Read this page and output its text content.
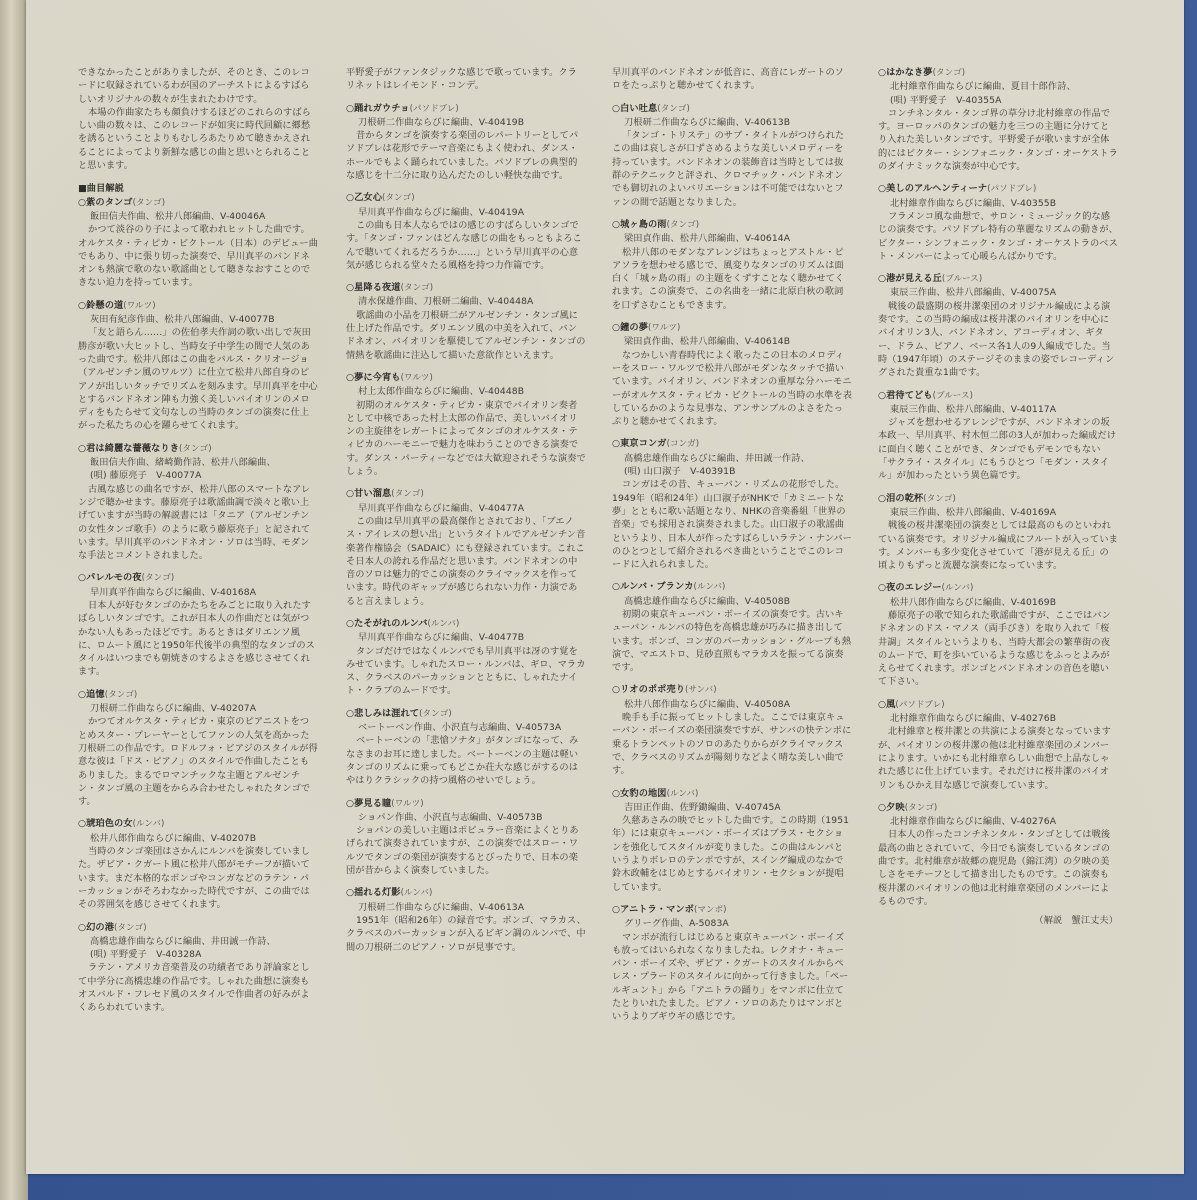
できなかったことがありましたが、そのとき、このレコードに収録されているわが国のアーチストによるすばらしいオリジナルの数々が生まれたわけです。

本場の作曲家たちも顔負けするほどのこれらのすばらしい曲の数々は、このレコードが如実に時代回顧に郷愁を誘るということよりもむしろあたりめて聴きかえされることによってより新鮮な感じの曲と思いとられることと思います。

■曲目解説
○紫のタンゴ(タンゴ)
飯田信夫作曲、松井八郎編曲、V-40046A
かつて淡谷のり子によって歌われヒットした曲です。オルケスタ・ティピカ・ビクトール（日本）のデビュー曲でもあり、中に張り切った演奏で、早川真平のバンドネオンも熱演で歌のない歌謡曲として聴きなおすことのできない迫力を持っています。
○鈴懸の道(ワルツ)
灰田有紀彦作曲、松井八郎編曲、V-40077B
「友と語らん……」の佐伯孝夫作詞の歌い出しで灰田勝彦が歌い大ヒットし、当時女子中学生の間で人気のあった曲です。松井八郎はこの曲をバルス・クリオージョ（アルゼンチン風のワルツ）に仕立て松井八郎自身のピアノが出しいタッチでリズムを刻みます。早川真平を中心とするバンドネオン陣も力強く美しいバイオリンのメロディをもたらせて文句なしの当時のタンゴの演奏に仕上がった私たちの心を躍らせてくれます。
○君は綺麗な薔薇なりき(タンゴ)
飯田信夫作曲、緒崎勤作詩、松井八郎編曲、
(唄) 藤原亮子　V-40077A
古風な感じの曲名ですが、松井八郎のスマートなアレンジで聴かせます。藤原亮子は歌謡曲調で淡々と歌い上げていますが当時の解説書には「タニア（アルゼンチンの女性タンゴ歌手）のように歌う藤原亮子」と記されています。早川真平のバンドネオン・ソロは当時、モダンな手法とコメントされました。
○パレルモの夜(タンゴ)
早川真平作曲ならびに編曲、V-40168A
日本人が好むタンゴのかたちをみごとに取り入れたすばらしいタンゴです。これが日本人の作曲だとは気がつかない人もあったほどです。あるときはダリエンソ風に、ロムート風にと1950年代後半の典型的なタンゴのスタイルはいつまでも朝焼きのするよさを感じさせてくれます。
○追憶(タンゴ)
刀根研二作曲ならびに編曲、V-40207A
かつてオルケスタ・ティピカ・東京のピアニストをつとめスター・プレーヤーとしてファンの人気を高かった刀根研二の作品です。ロドルフォ・ビアジのスタイルが得意な彼は「ドス・ピアノ」のスタイルで作曲したこともありました。まるでロマンチックな主題とアルゼンチン・タンゴ風の主題をからみ合わせたしゃれたタンゴです。
○琥珀色の女(ルンバ)
松井八郎作曲ならびに編曲、V-40207B
当時のタンゴ楽団はさかんにルンバを演奏していました。ザビア・クガート風に松井八郎がモチーフが描いています。まだ本格的なボンゴやコンガなどのラテン・パーカッションがそろわなかった時代ですが、この曲ではその雰囲気を感じさせてくれます。
○幻の港(タンゴ)
高橋忠雄作曲ならびに編曲、井田誠一作詩、
(唄) 平野愛子　V-40328A
ラテン・アメリカ音楽普及の功績者であり評論家として中学分に高橋忠雄の作品です。しゃれた曲想に演奏もオスバルド・フレセド風のスタイルで作曲者の好みがよくあらわれています。
平野愛子がファンタジックな感じで歌っています。クラリネットはレイモンド・コンデ。
○踊れガウチョ(パソドブレ)
刀根研二作曲ならびに編曲、V-40419B
昔からタンゴを演奏する楽団のレパートリーとしてパソドブレは花形でテーマ音楽にもよく使われ、ダンス・ホールでもよく踊られていました。パソドブレの典型的な感じを十二分に取り込んだたのしい軽快な曲です。
○乙女心(タンゴ)
早川真平作曲ならびに編曲、V-40419A
この曲も日本人ならではの感じのすばらしいタンゴです。「タンゴ・ファンはどんな感じの曲をもっともよろこんで聴いてくれるだろうか……」という早川真平の心意気が感じられる堂々たる風格を持つ力作篇です。
○星降る夜道(タンゴ)
清水保雄作曲、刀根研二編曲、V-40448A
歌謡曲の小品を刀根研二がアルゼンチン・タンゴ風に仕上げた作品です。ダリエンソ風の中美を入れて、バンドネオン、バイオリンを駆使してアルゼンチン・タンゴの情熱を歌謡曲に注込して描いた意欲作といえます。
○夢に今宵も(ワルツ)
村上太郎作曲ならびに編曲、V-40448B
初期のオルケスタ・ティピカ・東京でバイオリン奏者として中核であった村上太郎の作品で、美しいバイオリンの主旋律をレガートによってタンゴのオルケスタ・ティピカのハーモニーで魅力を味わうことのできる演奏です。ダンス・パーティーなどでは大歓迎されそうな演奏でしょう。
○甘い溜息(タンゴ)
早川真平作曲ならびに編曲、V-40477A
この曲は早川真平の最高傑作とされており、「ブエノス・アイレスの想い出」というタイトルでアルゼンチン音楽著作権協会（SADAIC）にも登録されています。これこそ日本人の誇れる作品だと思います。バンドネオンの中音のソロは魅力的でこの演奏のクライマックスを作っています。時代のギャップが感じられない力作・力演であると言えましょう。
○たそがれのルンバ(ルンバ)
早川真平作曲ならびに編曲、V-40477B
タンゴだけではなくルンバでも早川真平は冴のす覚をみせています。しゃれたスロー・ルンバは、ギロ、マラカス、クラベスのパーカッションとともに、しゃれたナイト・クラブのムードです。
○悲しみは涯れて(タンゴ)
ベートーベン作曲、小沢直与志編曲、V-40573A
ベートーベンの「悲愴ソナタ」がタンゴになって、みなさまのお耳に達しました。ベートーベンの主題は軽いタンゴのリズムに乗ってもどこか荘大な感じがするのはやはりクラシックの持つ風格のせいでしょう。
○夢見る瞳(ワルツ)
ショパン作曲、小沢直与志編曲、V-40573B
ショパンの美しい主題はポピュラー音楽によくとりあげられて演奏されていますが、この演奏ではスロー・ワルツでタンゴの楽団が演奏するとびったりで、日本の楽団が昔からよく演奏していました。
○揺れる灯影(ルンバ)
刀根研二作曲ならびに編曲、V-40613A
1951年（昭和26年）の録音です。ボンゴ、マラカス、クラベスのパーカッションが入るビギン調のルンバで、中間の刀根研二のピアノ・ソロが見事です。
早川真平のバンドネオンが低音に、高音にレガートのソロをたっぷりと聴かせてくれます。
○白い吐息(タンゴ)
刀根研二作曲ならびに編曲、V-40613B
「タンゴ・トリステ」のサブ・タイトルがつけられたこの曲は哀しさが口ずさめるような美しいメロディーを持っています。バンドネオンの装飾音は当時としては抜群のテクニックと評され、クロマチック・バンドネオンでも御切れのよいバリエーションは不可能ではないとファンの間で話題となりました。
○城ヶ島の雨(タンゴ)
梁田貞作曲、松井八郎編曲、V-40614A
松井八郎のモダンなアレンジはちょっとアストル・ピアソラを想わせる感じで、風変りなタンゴのリズムは面白く「城ヶ島の雨」の主題をくずすことなく聴かせてくれます。この演奏で、この名曲を一緒に北原白秋の歌詞を口ずさむこともできます。
○鐘の夢(ワルツ)
梁田貞作曲、松井八郎編曲、V-40614B
なつかしい青春時代によく歌ったこの日本のメロディーをスロー・ワルツで松井八郎がモダンなタッチで描いています。バイオリン、バンドネオンの重厚な分ハーモニーがオルケスタ・ティピカ・ビクトールの当時の水準を表しているかのような見事な、アンサンブルのよさをたっぷりと聴かせてくれます。
○東京コンガ(コンガ)
高橋忠雄作曲ならびに編曲、井田誠一作詩、
(唄) 山口淑子　V-40391B
コンガはその昔、キューバン・リズムの花形でした。1949年（昭和24年）山口淑子がNHKで「カミニートな夢」とともに歌い話題となり、NHKの音楽番組「世界の音楽」でも採用され演奏されました。山口淑子の歌謡曲というより、日本人が作ったすばらしいラテン・ナンバーのひとつとして紹介されるべき曲ということでこのレコードに入れられました。
○ルンバ・ブランカ(ルンバ)
高橋忠雄作曲ならびに編曲、V-40508B
初期の東京キューバン・ボーイズの演奏です。古いキューバン・ルンバの特色を高橋忠雄が巧みに描き出しています。ボンゴ、コンガのパーカッション・グループも熱演で、マエストロ、見砂直照もマラカスを振ってる演奏です。
○リオのポポ売り(サンバ)
松井八郎作曲ならびに編曲、V-40508A
晩手も手に振ってヒットしました。ここでは東京キューバン・ボーイズの楽団演奏ですが、サンバの快テンポに乗るトランペットのソロのあたりからがクライマックスで、クラベスのリズムが陽刻りなどよく晴な美しい曲です。
○女豹の地図(ルンバ)
吉田正作曲、佐野鋤編曲、V-40745A
久慈あさみの映でヒットした曲です。この時期（1951年）には東京キューバン・ボーイズはブラス・セクションを強化してスタイルが変りました。この曲はルンバというよりボレロのテンポですが、スイング編成のなかで鈴木政輔をはじめとするバイオリン・セクションが提唱しています。
○アニトラ・マンボ(マンボ)
グリーグ作曲、A-5083A
マンボが流行しはじめると東京キューバン・ボーイズも放ってはいられなくなりましたね。レクオナ・キューバン・ボーイズや、ザビア・クガートのスタイルからペレス・プラードのスタイルに向かって行きました。「ペールギュント」から「アニトラの踊り」をマンボに仕立てたとりいれたました。ピアノ・ソロのあたりはマンボというよりブギウギの感じです。
○はかなき夢(タンゴ)
北村維章作曲ならびに編曲、夏目十郎作詩、
(唄) 平野愛子　V-40355A
コンチネンタル・タンゴ界の草分け北村維章の作品です。ヨーロッパのタンゴの魅力を三つの主題に分けてとり入れた美しいタンゴです。平野愛子が歌いますが全体的にはビクター・シンフォニック・タンゴ・オーケストラのダイナミックな演奏が中心です。
○美しのアルヘンティーナ(パソドブレ)
北村維章作曲ならびに編曲、V-40355B
フラメンコ風な曲想で、サロン・ミュージック的な感じの演奏です。パソドブレ特有の華麗なリズムの動きが、ビクター・シンフォニック・タンゴ・オーケストラのベスト・メンバーによって心暖らんばかりです。
○港が見える丘(ブルース)
東辰三作曲、松井八郎編曲、V-40075A
戦後の最盛期の桜井潔楽団のオリジナル編成による演奏です。この当時の編成は桜井潔のバイオリンを中心にバイオリン3人、バンドネオン、アコーディオン、ギター、ドラム、ピアノ、ベース各1人の9人編成でした。当時（1947年頃）のステージそのままの姿でレコーディングされた貴重な1曲です。
○君待てども(ブルース)
東辰三作曲、松井八郎編曲、V-40117A
ジャズを想わせるアレンジですが、バンドネオンの坂本政一、早川真平、村木恒二郎の3人が加わった編成だけに面白く聴くことができ、タンゴでもデモンでもない「サクライ・スタイル」にもうひとつ「モダン・スタイル」が加わったという異色篇です。
○泪の乾杯(タンゴ)
東辰三作曲、松井八郎編曲、V-40169A
戦後の桜井潔楽団の演奏としては最高のものといわれている演奏です。オリジナル編成にフルートが入っています。メンバーも多少変化させていて「港が見える丘」の頃よりもずっと流麗な演奏になっています。
○夜のエレジー(ルンバ)
松井八郎作曲ならびに編曲、V-40169B
藤原亮子の歌で知られた歌謡曲ですが、ここではバンドネオンのドス・マノス（両手びき）を取り入れて「桜井調」スタイルというよりも、当時大都会の繁華街の夜のムードで、町を歩いているような感じをふっとよみがえらせてくれます。ボンゴとバンドネオンの音色を聴いて下さい。
○風(パソドブレ)
北村維章作曲ならびに編曲、V-40276B
北村維章と桜井潔との共演による演奏となっていますが、バイオリンの桜井潔の他は北村維章楽団のメンバーによります。いかにも北村維章らしい曲想で上品なしゃれた感じに仕上げています。それだけに桜井潔のバイオリンもひかえ目な感じで演奏しています。
○夕映(タンゴ)
北村維章作曲ならびに編曲、V-40276A
日本人の作ったコンチネンタル・タンゴとしては戦後最高の曲とされていて、今日でも演奏しているタンゴの曲です。北村維章が故郷の鹿児島（錦江湾）の夕映の美しさをモチーフとして描き出したものです。この演奏も桜井潔のバイオリンの他は北村維章楽団のメンバーによるものです。
（解説　蟹江丈夫）
